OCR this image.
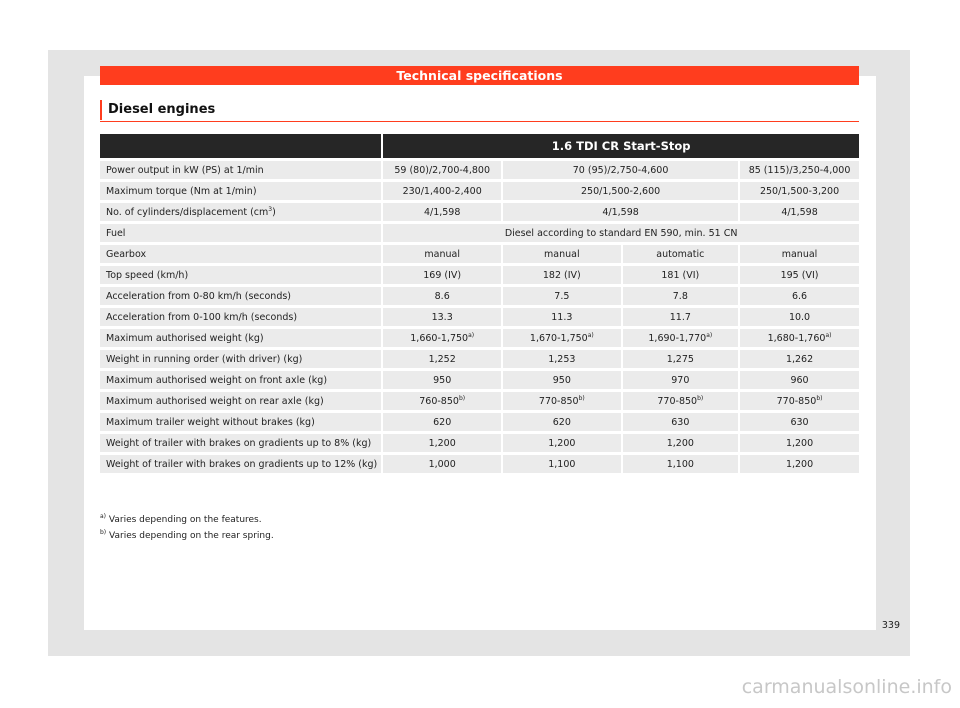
Technical specifications
Diesel engines
	1.6 TDI CR Start-Stop			
Power output in kW (PS) at 1/min	59 (80)/2,700-4,800	70 (95)/2,750-4,600		85 (115)/3,250-4,000
Maximum torque (Nm at 1/min)	230/1,400-2,400	250/1,500-2,600		250/1,500-3,200
No. of cylinders/displacement $(cm^3)$	4/1,598	4/1,598		4/1,598
Fuel	Diesel according to standard EN 590, min. 51 CN			
Gearbox	manual	manual	automatic	manual
Top speed (km/h)	169 (IV)	182 (IV)	181 (VI)	195 (VI)
Acceleration from 0-80 km/h (seconds)	8.6	7.5	7.8	6.6
Acceleration from 0-100 km/h (seconds)	13.3	11.3	11.7	10.0
Maximum authorised weight (kg)	1,660-1,750$^{a)}$	1,670-1,750$^{a)}$	1,690-1,770$^{a)}$	1,680-1,760$^{a)}$
Weight in running order (with driver) (kg)	1,252	1,253	1,275	1,262
Maximum authorised weight on front axle (kg)	950	950	970	960
Maximum authorised weight on rear axle (kg)	760-850$^{b)}$	770-850$^{b)}$	770-850$^{b)}$	770-850$^{b)}$
Maximum trailer weight without brakes (kg)	620	620	630	630
Weight of trailer with brakes on gradients up to 8% (kg)	1,200	1,200	1,200	1,200
Weight of trailer with brakes on gradients up to 12% (kg)	1,000	1,100	1,100	1,200
$^{a)}$ Varies depending on the features.
$^{b)}$ Varies depending on the rear spring.
339
carmanualsonline.info
